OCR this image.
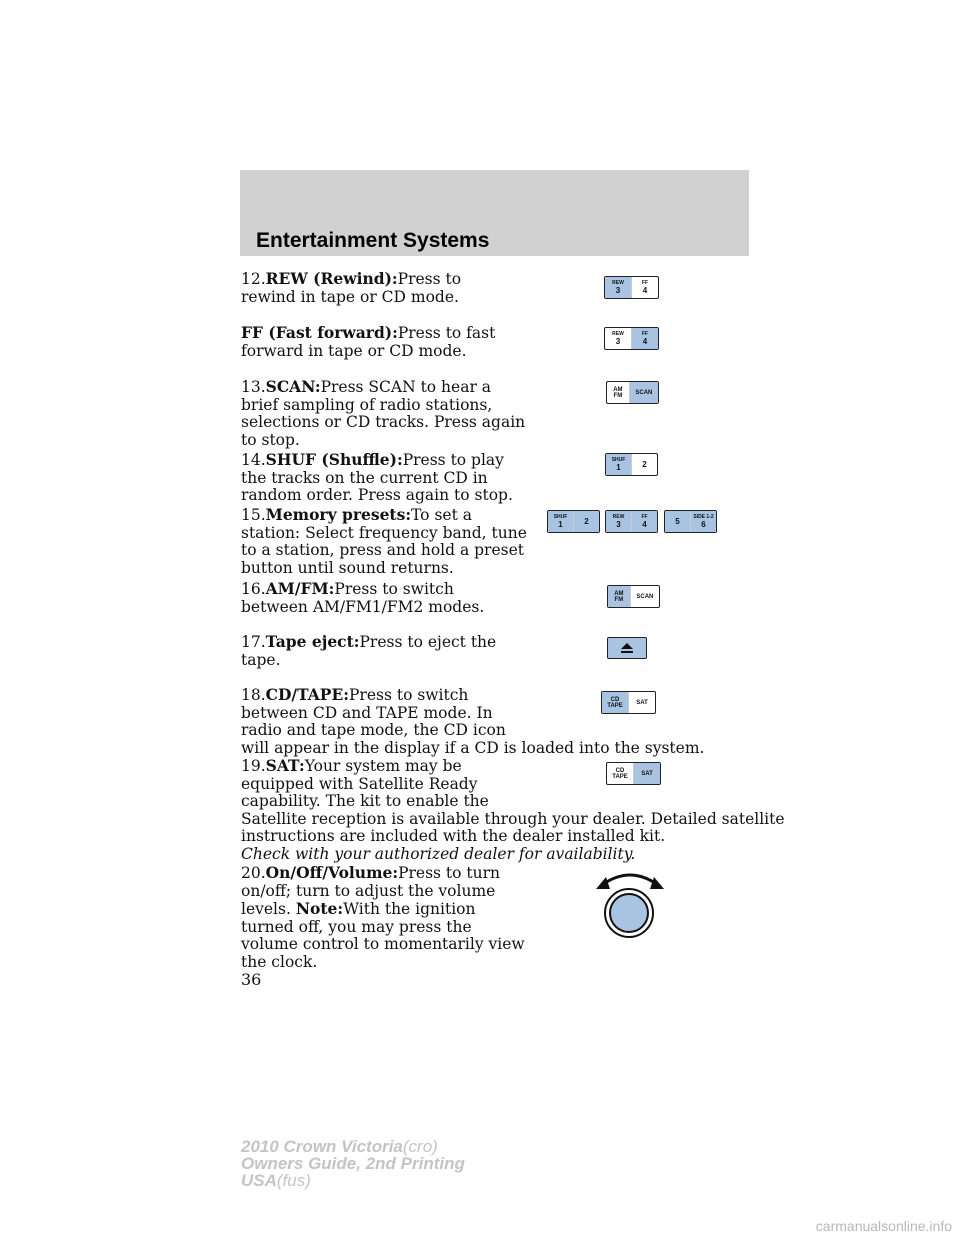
Entertainment Systems
12.REW (Rewind):Press to
rewind in tape or CD mode.
REW
3
FF
4
FF (Fast forward):Press to fast
forward in tape or CD mode.
REW
3
FF
4
13.SCAN:Press SCAN to hear a
brief sampling of radio stations,
selections or CD tracks. Press again
to stop.
AM
FM SCAN
14.SHUF (Shuffle):Press to play
the tracks on the current CD in
random order. Press again to stop.
SHUF
1	2
15.Memory presets:To set a
station: Select frequency band, tune
to a station, press and hold a preset
button until sound returns.
SHUF
1	2
REW
3
FF
4	5
SIDE 1-2
6
16.AM/FM:Press to switch
between AM/FM1/FM2 modes.
AM
FM SCAN
17.Tape eject:Press to eject the
tape.
18.CD/TAPE:Press to switch
between CD and TAPE mode. In
radio and tape mode, the CD icon
will appear in the display if a CD is loaded into the system.
CD
TAPE SAT
19.SAT:Your system may be
equipped with Satellite Ready
capability. The kit to enable the
Satellite reception is available through your dealer. Detailed satellite
instructions are included with the dealer installed kit.
Check with your authorized dealer for availability.
CD
TAPE SAT
20.On/Off/Volume:Press to turn
on/off; turn to adjust the volume
levels. Note:With the ignition
turned off, you may press the
volume control to momentarily view
the clock.
36
2010 Crown Victoria(cro)
Owners Guide, 2nd Printing
USA(fus)
carmanualsonline.info
